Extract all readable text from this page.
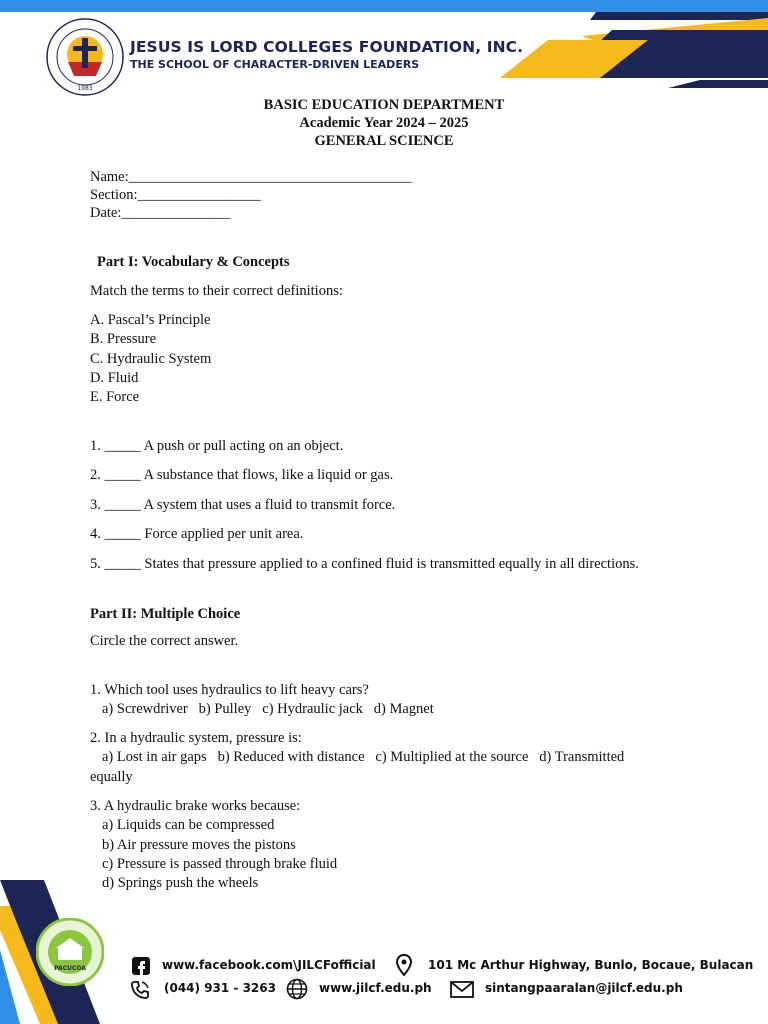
1983
JESUS IS LORD COLLEGES FOUNDATION, INC.
THE SCHOOL OF CHARACTER-DRIVEN LEADERS
BASIC EDUCATION DEPARTMENT
Academic Year 2024 – 2025
GENERAL SCIENCE
Name:_______________________________________
Section:_________________
Date:_______________
Part I: Vocabulary & Concepts
Match the terms to their correct definitions:
A. Pascal’s Principle
B. Pressure
C. Hydraulic System
D. Fluid
E. Force
1. _____ A push or pull acting on an object.
2. _____ A substance that flows, like a liquid or gas.
3. _____ A system that uses a fluid to transmit force.
4. _____ Force applied per unit area.
5. _____ States that pressure applied to a confined fluid is transmitted equally in all directions.
Part II: Multiple Choice
Circle the correct answer.
1. Which tool uses hydraulics to lift heavy cars?
a) Screwdriver   b) Pulley   c) Hydraulic jack   d) Magnet
2. In a hydraulic system, pressure is:
a) Lost in air gaps   b) Reduced with distance   c) Multiplied at the source   d) Transmitted
equally
3. A hydraulic brake works because:
a) Liquids can be compressed
b) Air pressure moves the pistons
c) Pressure is passed through brake fluid
d) Springs push the wheels
PACUCOA	www.facebook.com\JILCFofficial	101 Mc Arthur Highway, Bunlo, Bocaue, Bulacan
(044) 931 - 3263	www.jilcf.edu.ph	sintangpaaralan@jilcf.edu.ph
